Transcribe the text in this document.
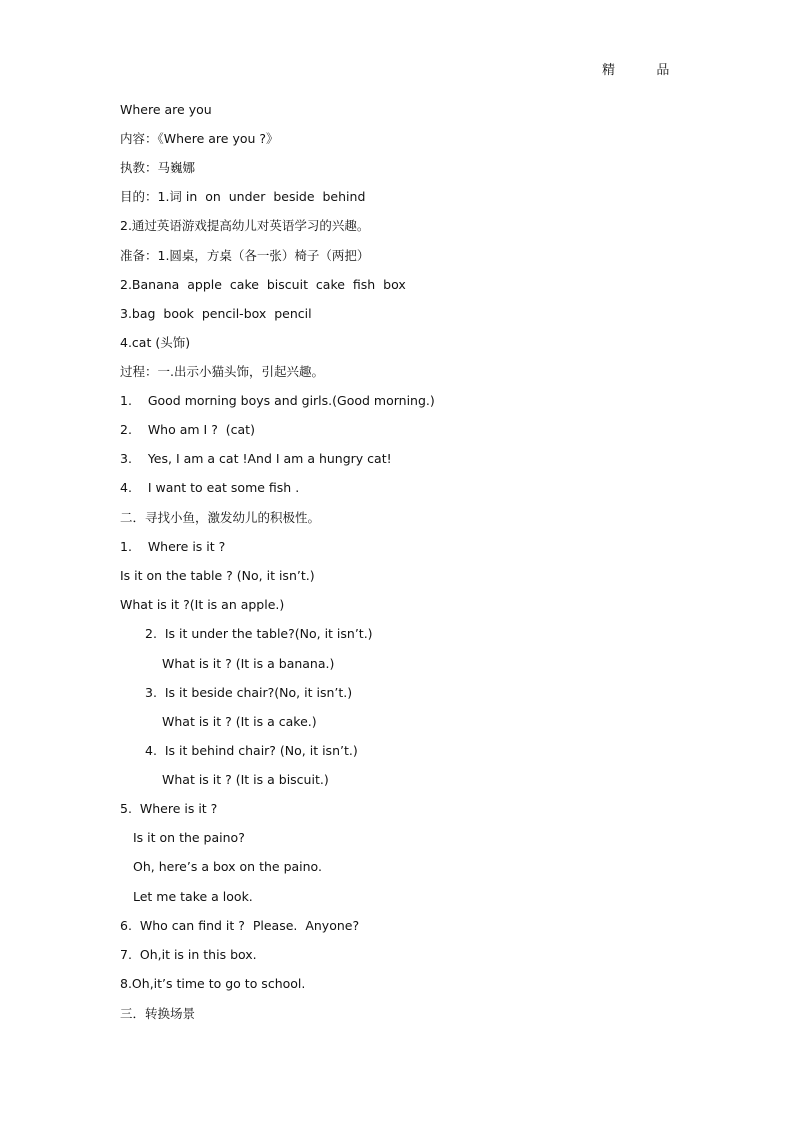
精          品
Where are you
内容：《Where are you ?》
执教：马巍娜
目的：1.词 in  on  under  beside  behind
2.通过英语游戏提高幼儿对英语学习的兴趣。
准备：1.圆桌，方桌（各一张）椅子（两把）
2.Banana  apple  cake  biscuit  cake  fish  box
3.bag  book  pencil-box  pencil
4.cat (头饰)
过程：一.出示小猫头饰，引起兴趣。
1.    Good morning boys and girls.(Good morning.)
2.    Who am I ?  (cat)
3.    Yes, I am a cat !And I am a hungry cat!
4.    I want to eat some fish .
二．寻找小鱼，激发幼儿的积极性。
1.    Where is it ?
Is it on the table ? (No, it isn’t.)
What is it ?(It is an apple.)
2.  Is it under the table?(No, it isn’t.)
What is it ? (It is a banana.)
3.  Is it beside chair?(No, it isn’t.)
What is it ? (It is a cake.)
4.  Is it behind chair? (No, it isn’t.)
What is it ? (It is a biscuit.)
5.  Where is it ?
Is it on the paino?
Oh, here’s a box on the paino.
Let me take a look.
6.  Who can find it ?  Please.  Anyone?
7.  Oh,it is in this box.
8.Oh,it’s time to go to school.
三．转换场景
